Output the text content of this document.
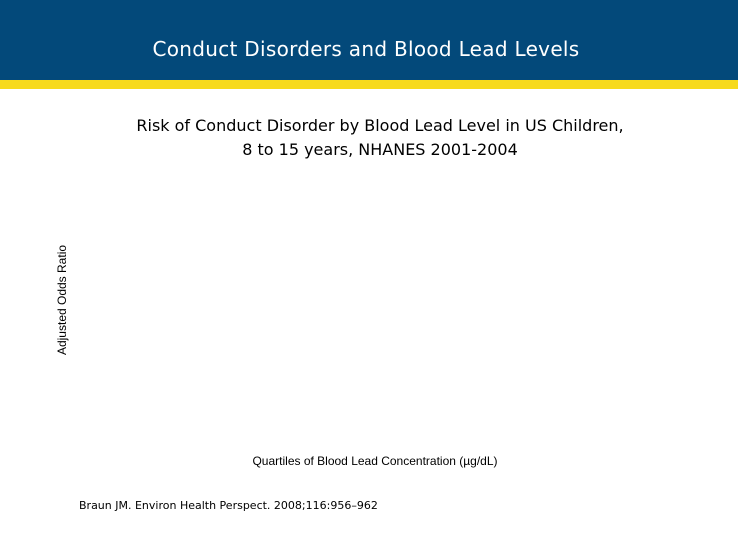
Conduct Disorders and Blood Lead Levels
Risk of Conduct Disorder by Blood Lead Level in US Children,
8 to 15 years, NHANES 2001-2004
Adjusted Odds Ratio
Quartiles of Blood Lead Concentration (µg/dL)
Braun JM. Environ Health Perspect. 2008;116:956–962
